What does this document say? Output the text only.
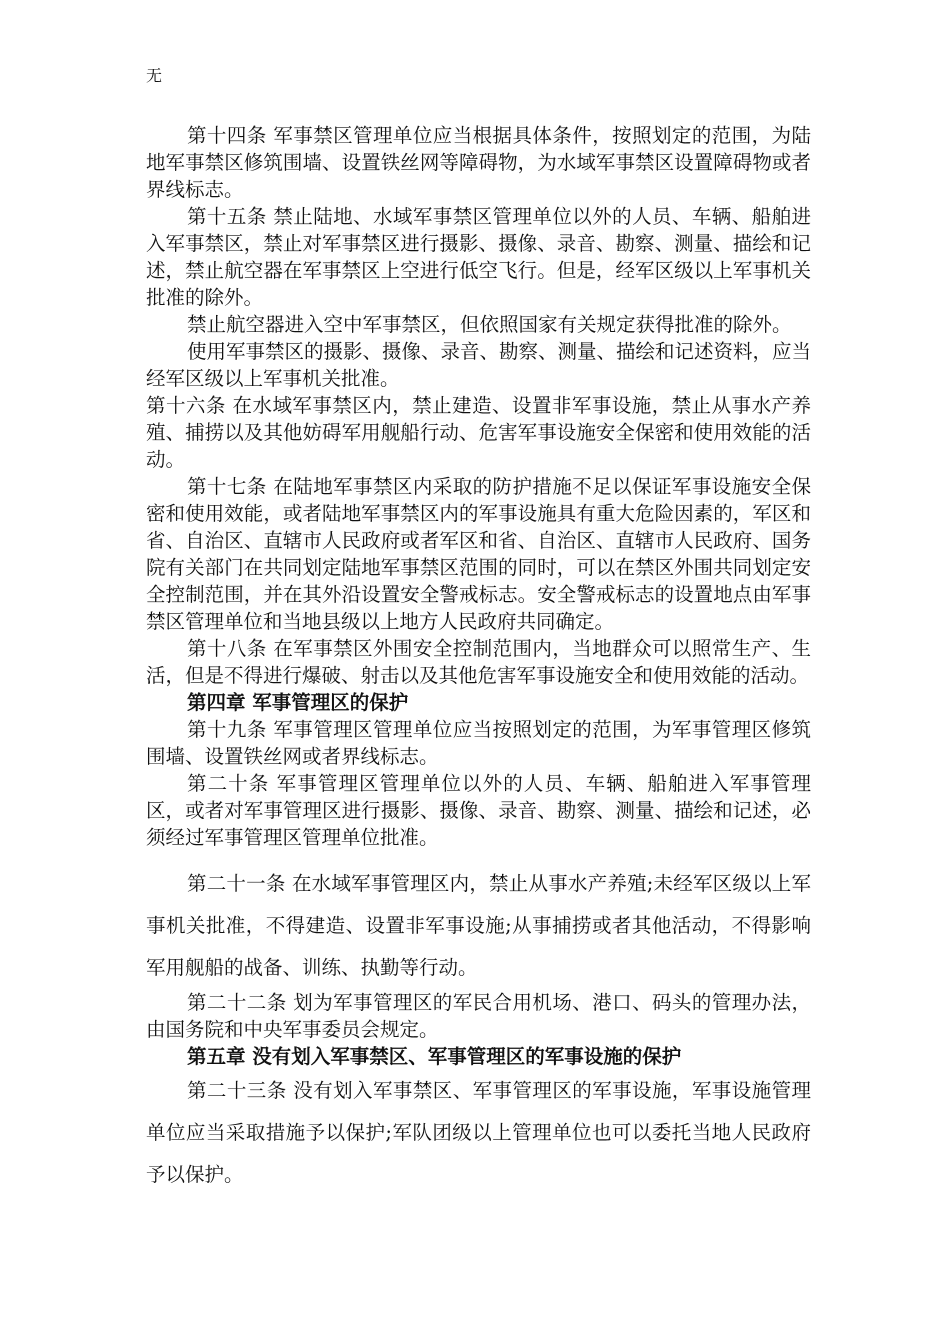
无

第十四条 军事禁区管理单位应当根据具体条件，按照划定的范围，为陆地军事禁区修筑围墙、设置铁丝网等障碍物，为水域军事禁区设置障碍物或者界线标志。

第十五条 禁止陆地、水域军事禁区管理单位以外的人员、车辆、船舶进入军事禁区，禁止对军事禁区进行摄影、摄像、录音、勘察、测量、描绘和记述，禁止航空器在军事禁区上空进行低空飞行。但是，经军区级以上军事机关批准的除外。

禁止航空器进入空中军事禁区，但依照国家有关规定获得批准的除外。

使用军事禁区的摄影、摄像、录音、勘察、测量、描绘和记述资料，应当经军区级以上军事机关批准。

第十六条 在水域军事禁区内，禁止建造、设置非军事设施，禁止从事水产养殖、捕捞以及其他妨碍军用舰船行动、危害军事设施安全保密和使用效能的活动。

第十七条 在陆地军事禁区内采取的防护措施不足以保证军事设施安全保密和使用效能，或者陆地军事禁区内的军事设施具有重大危险因素的，军区和省、自治区、直辖市人民政府或者军区和省、自治区、直辖市人民政府、国务院有关部门在共同划定陆地军事禁区范围的同时，可以在禁区外围共同划定安全控制范围，并在其外沿设置安全警戒标志。安全警戒标志的设置地点由军事禁区管理单位和当地县级以上地方人民政府共同确定。

第十八条 在军事禁区外围安全控制范围内，当地群众可以照常生产、生活，但是不得进行爆破、射击以及其他危害军事设施安全和使用效能的活动。

第四章 军事管理区的保护

第十九条 军事管理区管理单位应当按照划定的范围，为军事管理区修筑围墙、设置铁丝网或者界线标志。

第二十条 军事管理区管理单位以外的人员、车辆、船舶进入军事管理区，或者对军事管理区进行摄影、摄像、录音、勘察、测量、描绘和记述，必须经过军事管理区管理单位批准。

第二十一条 在水域军事管理区内，禁止从事水产养殖;未经军区级以上军事机关批准，不得建造、设置非军事设施;从事捕捞或者其他活动，不得影响军用舰船的战备、训练、执勤等行动。

第二十二条 划为军事管理区的军民合用机场、港口、码头的管理办法，由国务院和中央军事委员会规定。

第五章 没有划入军事禁区、军事管理区的军事设施的保护

第二十三条 没有划入军事禁区、军事管理区的军事设施，军事设施管理单位应当采取措施予以保护;军队团级以上管理单位也可以委托当地人民政府予以保护。
